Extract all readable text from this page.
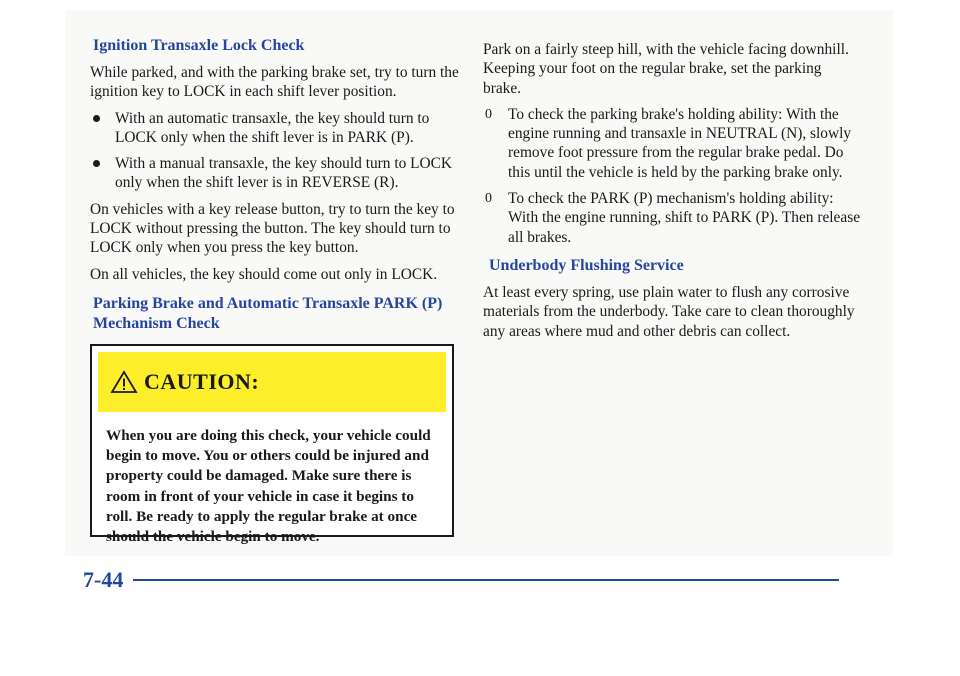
Ignition Transaxle Lock Check

While parked, and with the parking brake set, try to turn the ignition key to LOCK in each shift lever position.

With an automatic transaxle, the key should turn to LOCK only when the shift lever is in PARK (P).
With a manual transaxle, the key should turn to LOCK only when the shift lever is in REVERSE (R).

On vehicles with a key release button, try to turn the key to LOCK without pressing the button. The key should turn to LOCK only when you press the key button.

On all vehicles, the key should come out only in LOCK.

Parking Brake and Automatic Transaxle PARK (P) Mechanism Check
CAUTION:
When you are doing this check, your vehicle could begin to move. You or others could be injured and property could be damaged. Make sure there is room in front of your vehicle in case it begins to roll. Be ready to apply the regular brake at once should the vehicle begin to move.

Park on a fairly steep hill, with the vehicle facing downhill. Keeping your foot on the regular brake, set the parking brake.

0 To check the parking brake's holding ability: With the engine running and transaxle in NEUTRAL (N), slowly remove foot pressure from the regular brake pedal. Do this until the vehicle is held by the parking brake only.
0 To check the PARK (P) mechanism's holding ability: With the engine running, shift to PARK (P). Then release all brakes.
Underbody Flushing Service

At least every spring, use plain water to flush any corrosive materials from the underbody. Take care to clean thoroughly any areas where mud and other debris can collect.

7-44
